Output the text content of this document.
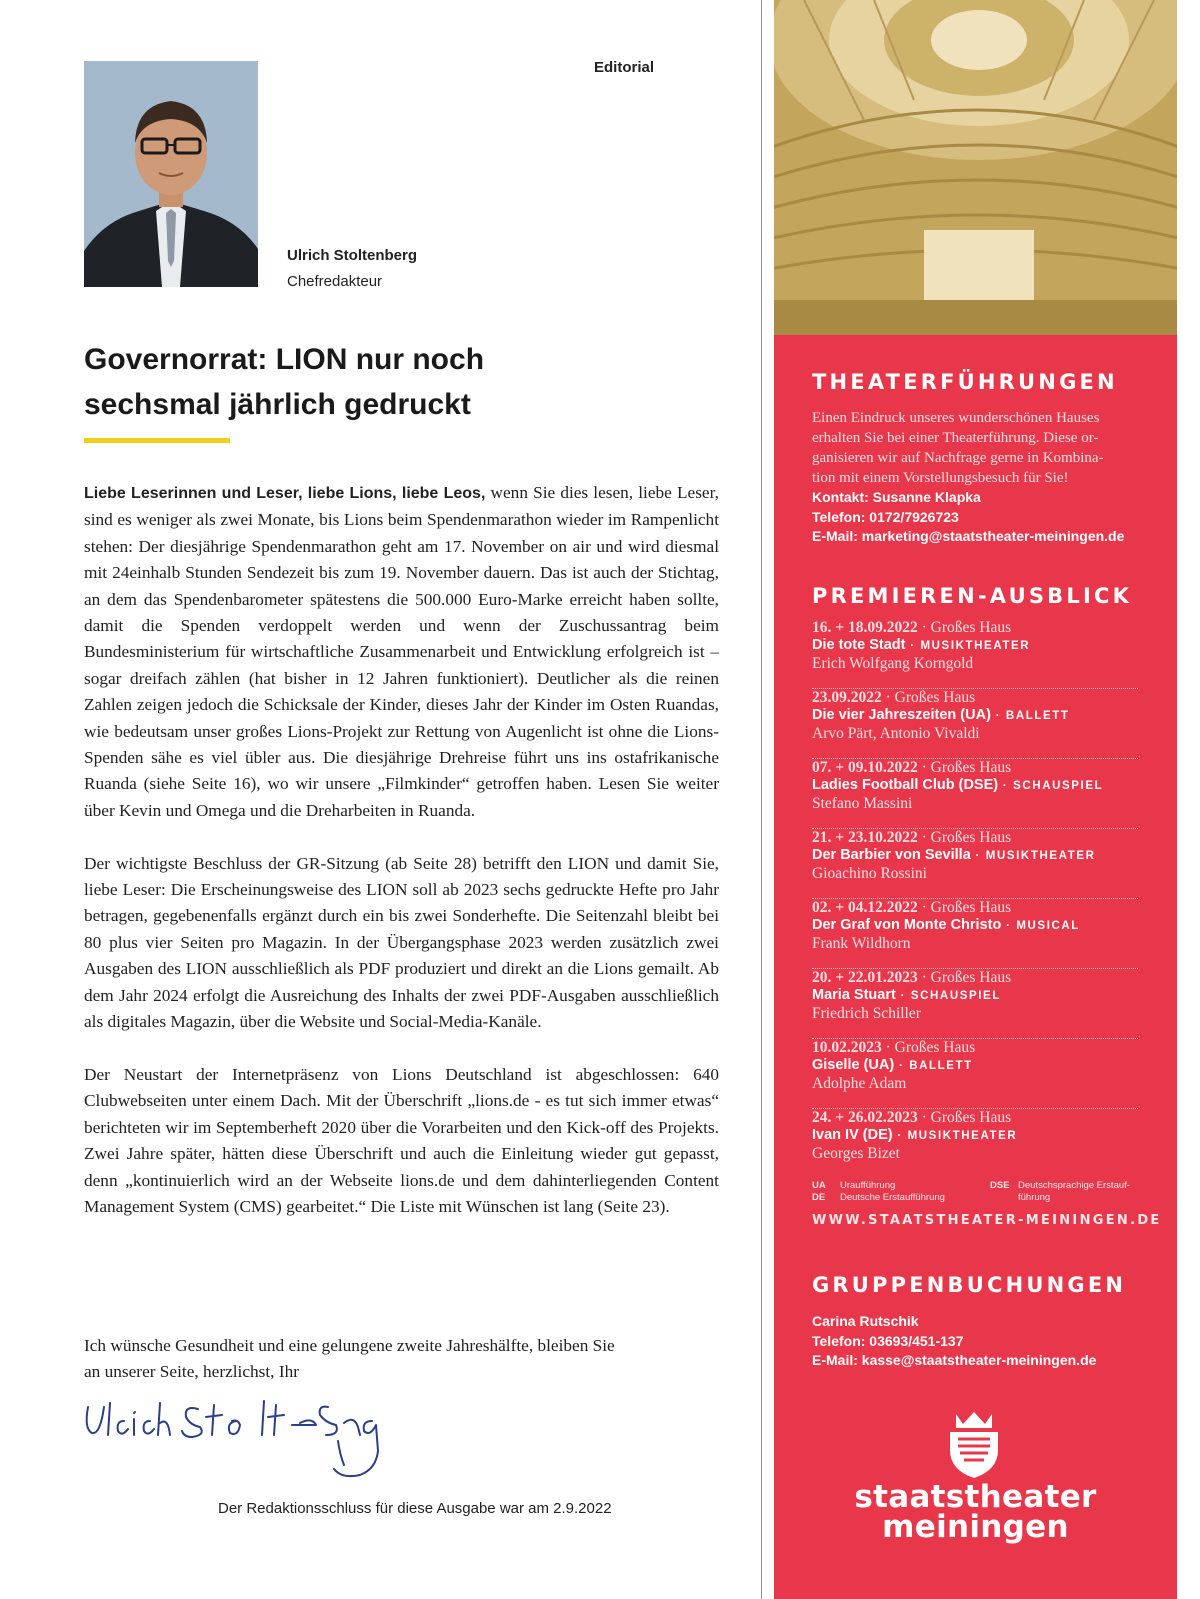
Editorial
Ulrich Stoltenberg
Chefredakteur
Governorrat: LION nur noch
sechsmal jährlich gedruckt

Liebe Leserinnen und Leser, liebe Lions, liebe Leos, wenn Sie dies lesen, liebe Leser, sind es weniger als zwei Monate, bis Lions beim Spendenmarathon wieder im Rampenlicht stehen: Der diesjährige Spendenmarathon geht am 17. November on air und wird diesmal mit 24einhalb Stunden Sendezeit bis zum 19. November dauern. Das ist auch der Stichtag, an dem das Spendenbarometer spätestens die 500.000 Euro-Marke erreicht haben sollte, damit die Spenden verdoppelt werden und wenn der Zuschussantrag beim Bundesministerium für wirtschaftliche Zusammenarbeit und Entwicklung erfolgreich ist – sogar dreifach zählen (hat bisher in 12 Jahren funktioniert). Deutlicher als die reinen Zahlen zeigen jedoch die Schicksale der Kinder, dieses Jahr der Kinder im Osten Ruandas, wie bedeutsam unser großes Lions-Projekt zur Rettung von Augenlicht ist ohne die Lions-Spenden sähe es viel übler aus. Die diesjährige Drehreise führt uns ins ostafrikanische Ruanda (siehe Seite 16), wo wir unsere „Filmkinder“ getroffen haben. Lesen Sie weiter über Kevin und Omega und die Dreharbeiten in Ruanda.

Der wichtigste Beschluss der GR-Sitzung (ab Seite 28) betrifft den LION und damit Sie, liebe Leser: Die Erscheinungsweise des LION soll ab 2023 sechs gedruckte Hefte pro Jahr betragen, gegebenenfalls ergänzt durch ein bis zwei Sonderhefte. Die Seitenzahl bleibt bei 80 plus vier Seiten pro Magazin. In der Übergangsphase 2023 werden zusätzlich zwei Ausgaben des LION ausschließlich als PDF produziert und direkt an die Lions gemailt. Ab dem Jahr 2024 erfolgt die Ausreichung des Inhalts der zwei PDF-Ausgaben ausschließlich als digitales Magazin, über die Website und Social-Media-Kanäle.

Der Neustart der Internetpräsenz von Lions Deutschland ist abgeschlossen: 640 Clubwebseiten unter einem Dach. Mit der Überschrift „lions.de - es tut sich immer etwas“ berichteten wir im Septemberheft 2020 über die Vorarbeiten und den Kick-off des Projekts. Zwei Jahre später, hätten diese Überschrift und auch die Einleitung wieder gut gepasst, denn „kontinuierlich wird an der Webseite lions.de und dem dahinterliegenden Content Management System (CMS) gearbeitet.“ Die Liste mit Wünschen ist lang (Seite 23).

Ich wünsche Gesundheit und eine gelungene zweite Jahreshälfte, bleiben Sie
an unserer Seite, herzlichst, Ihr
Der Redaktionsschluss für diese Ausgabe war am 2.9.2022
THEATERFÜHRUNGEN
Einen Eindruck unseres wunderschönen Hauses
erhalten Sie bei einer Theaterführung. Diese or-
ganisieren wir auf Nachfrage gerne in Kombina-
tion mit einem Vorstellungsbesuch für Sie!
Kontakt: Susanne Klapka
Telefon: 0172/7926723
E-Mail: marketing@staatstheater-meiningen.de
PREMIEREN-AUSBLICK
16. + 18.09.2022 · Großes Haus
Die tote Stadt · MUSIKTHEATER
Erich Wolfgang Korngold
23.09.2022 · Großes Haus
Die vier Jahreszeiten (UA) · BALLETT
Arvo Pärt, Antonio Vivaldi
07. + 09.10.2022 · Großes Haus
Ladies Football Club (DSE) · SCHAUSPIEL
Stefano Massini
21. + 23.10.2022 · Großes Haus
Der Barbier von Sevilla · MUSIKTHEATER
Gioachino Rossini
02. + 04.12.2022 · Großes Haus
Der Graf von Monte Christo · MUSICAL
Frank Wildhorn
20. + 22.01.2023 · Großes Haus
Maria Stuart · SCHAUSPIEL
Friedrich Schiller
10.02.2023 · Großes Haus
Giselle (UA) · BALLETT
Adolphe Adam
24. + 26.02.2023 · Großes Haus
Ivan IV (DE) · MUSIKTHEATER
Georges Bizet
UA Uraufführung
DE Deutsche Erstaufführung
DSE Deutschsprachige Erstauf-
führung
WWW.STAATSTHEATER-MEININGEN.DE
GRUPPENBUCHUNGEN
Carina Rutschik
Telefon: 03693/451-137
E-Mail: kasse@staatstheater-meiningen.de
staatstheater
meiningen
